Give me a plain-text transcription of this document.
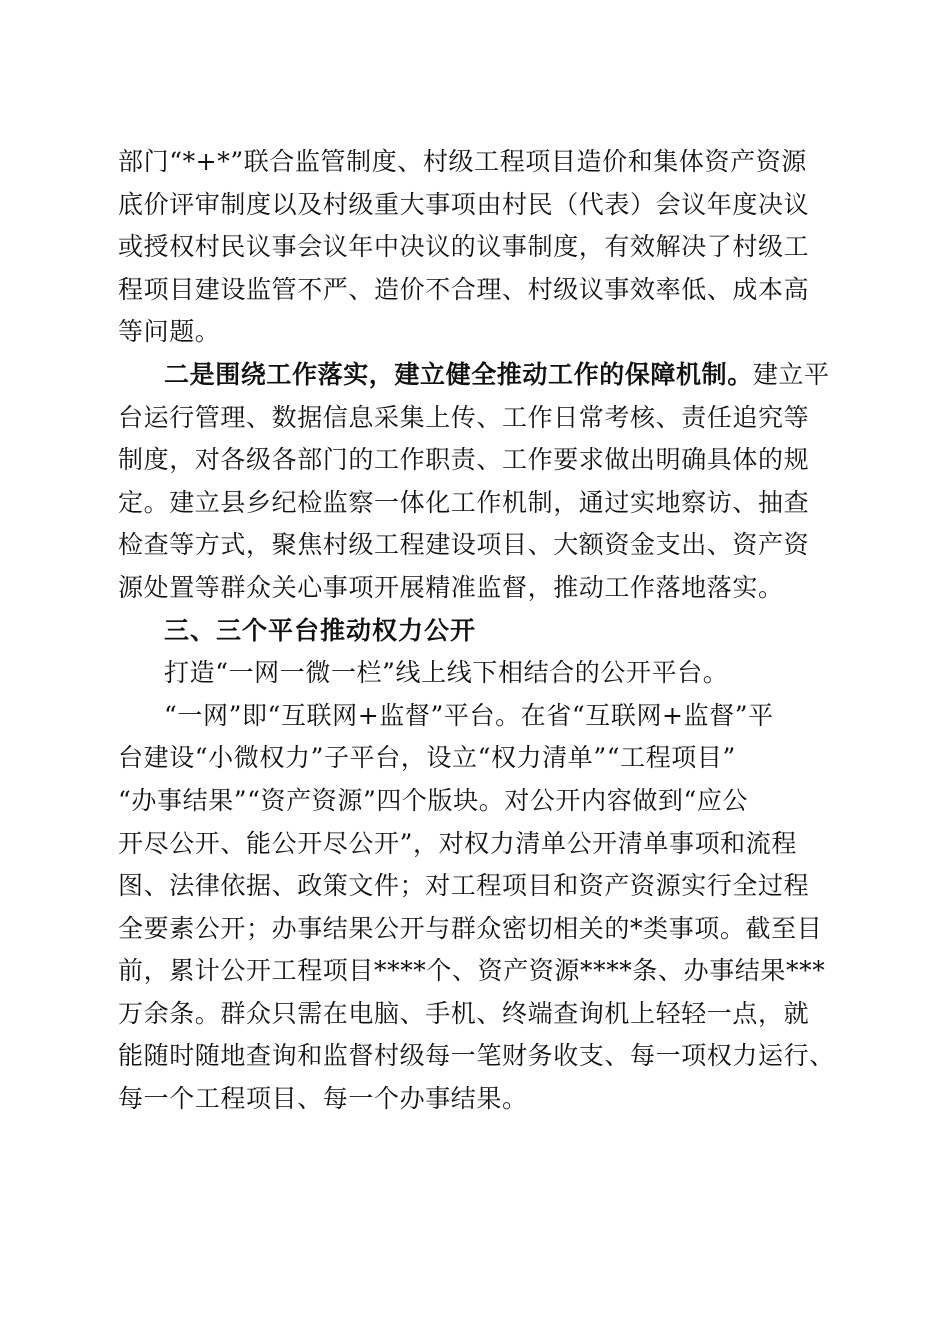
部门“*+*”联合监管制度、村级工程项目造价和集体资产资源
底价评审制度以及村级重大事项由村民（代表）会议年度决议
或授权村民议事会议年中决议的议事制度，有效解决了村级工
程项目建设监管不严、造价不合理、村级议事效率低、成本高
等问题。
二是围绕工作落实，建立健全推动工作的保障机制。建立平
台运行管理、数据信息采集上传、工作日常考核、责任追究等
制度，对各级各部门的工作职责、工作要求做出明确具体的规
定。建立县乡纪检监察一体化工作机制，通过实地察访、抽查
检查等方式，聚焦村级工程建设项目、大额资金支出、资产资
源处置等群众关心事项开展精准监督，推动工作落地落实。
三、三个平台推动权力公开
打造“一网一微一栏”线上线下相结合的公开平台。
“一网”即“互联网+监督”平台。在省“互联网+监督”平
台建设“小微权力”子平台，设立“权力清单”“工程项目”
“办事结果”“资产资源”四个版块。对公开内容做到“应公
开尽公开、能公开尽公开”，对权力清单公开清单事项和流程
图、法律依据、政策文件；对工程项目和资产资源实行全过程
全要素公开；办事结果公开与群众密切相关的*类事项。截至目
前，累计公开工程项目****个、资产资源****条、办事结果***
万余条。群众只需在电脑、手机、终端查询机上轻轻一点，就
能随时随地查询和监督村级每一笔财务收支、每一项权力运行、
每一个工程项目、每一个办事结果。
